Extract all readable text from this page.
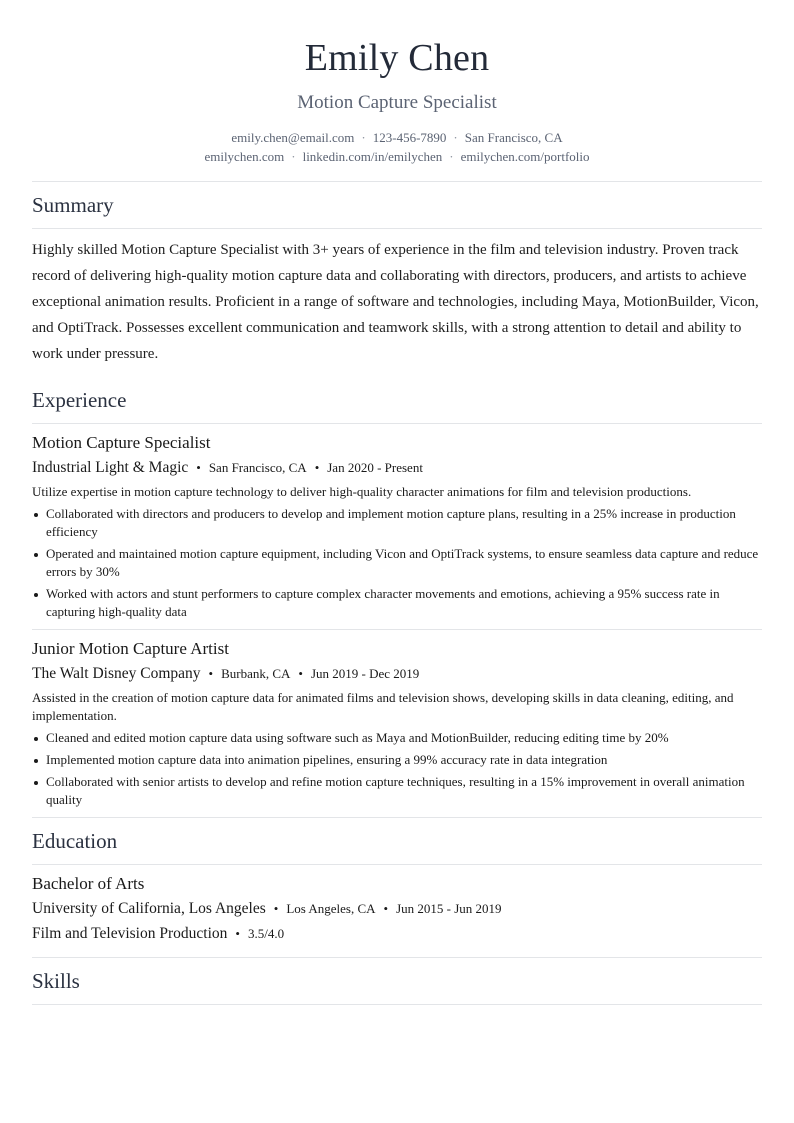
Emily Chen
Motion Capture Specialist
emily.chen@email.com · 123-456-7890 · San Francisco, CA
emilychen.com · linkedin.com/in/emilychen · emilychen.com/portfolio
Summary
Highly skilled Motion Capture Specialist with 3+ years of experience in the film and television industry. Proven track record of delivering high-quality motion capture data and collaborating with directors, producers, and artists to achieve exceptional animation results. Proficient in a range of software and technologies, including Maya, MotionBuilder, Vicon, and OptiTrack. Possesses excellent communication and teamwork skills, with a strong attention to detail and ability to work under pressure.
Experience
Motion Capture Specialist
Industrial Light & Magic • San Francisco, CA • Jan 2020 - Present
Utilize expertise in motion capture technology to deliver high-quality character animations for film and television productions.
Collaborated with directors and producers to develop and implement motion capture plans, resulting in a 25% increase in production efficiency
Operated and maintained motion capture equipment, including Vicon and OptiTrack systems, to ensure seamless data capture and reduce errors by 30%
Worked with actors and stunt performers to capture complex character movements and emotions, achieving a 95% success rate in capturing high-quality data
Junior Motion Capture Artist
The Walt Disney Company • Burbank, CA • Jun 2019 - Dec 2019
Assisted in the creation of motion capture data for animated films and television shows, developing skills in data cleaning, editing, and implementation.
Cleaned and edited motion capture data using software such as Maya and MotionBuilder, reducing editing time by 20%
Implemented motion capture data into animation pipelines, ensuring a 99% accuracy rate in data integration
Collaborated with senior artists to develop and refine motion capture techniques, resulting in a 15% improvement in overall animation quality
Education
Bachelor of Arts
University of California, Los Angeles • Los Angeles, CA • Jun 2015 - Jun 2019
Film and Television Production • 3.5/4.0
Skills
